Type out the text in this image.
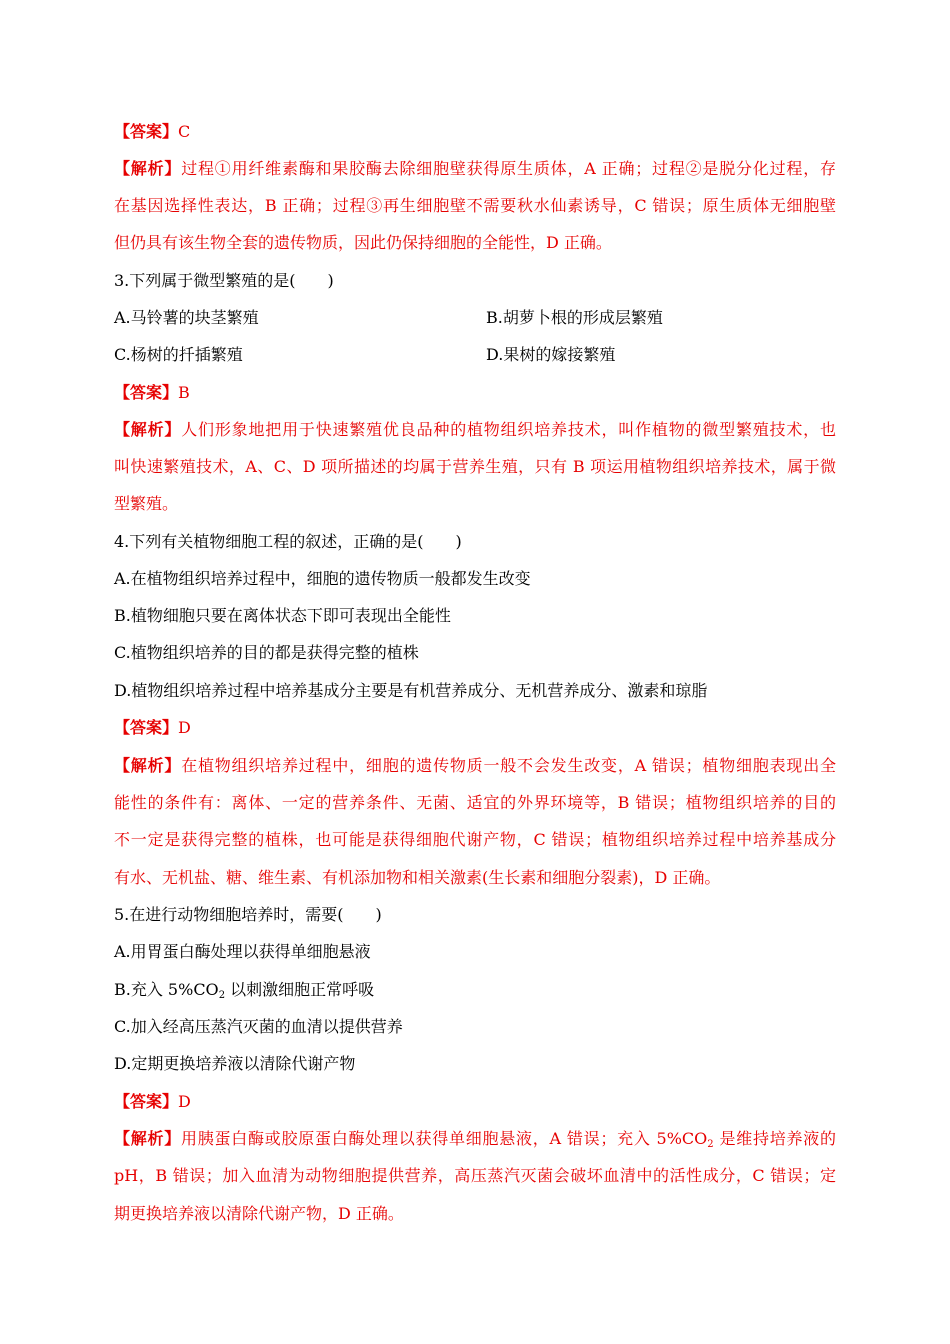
【答案】C
【解析】过程①用纤维素酶和果胶酶去除细胞壁获得原生质体，A 正确；过程②是脱分化过程，存
在基因选择性表达，B 正确；过程③再生细胞壁不需要秋水仙素诱导，C 错误；原生质体无细胞壁
但仍具有该生物全套的遗传物质，因此仍保持细胞的全能性，D 正确。
3.下列属于微型繁殖的是(　　)
A.马铃薯的块茎繁殖	B.胡萝卜根的形成层繁殖
C.杨树的扦插繁殖	D.果树的嫁接繁殖
【答案】B
【解析】人们形象地把用于快速繁殖优良品种的植物组织培养技术，叫作植物的微型繁殖技术，也
叫快速繁殖技术，A、C、D 项所描述的均属于营养生殖，只有 B 项运用植物组织培养技术，属于微
型繁殖。
4.下列有关植物细胞工程的叙述，正确的是(　　)
A.在植物组织培养过程中，细胞的遗传物质一般都发生改变
B.植物细胞只要在离体状态下即可表现出全能性
C.植物组织培养的目的都是获得完整的植株
D.植物组织培养过程中培养基成分主要是有机营养成分、无机营养成分、激素和琼脂
【答案】D
【解析】在植物组织培养过程中，细胞的遗传物质一般不会发生改变，A 错误；植物细胞表现出全
能性的条件有：离体、一定的营养条件、无菌、适宜的外界环境等，B 错误；植物组织培养的目的
不一定是获得完整的植株，也可能是获得细胞代谢产物，C 错误；植物组织培养过程中培养基成分
有水、无机盐、糖、维生素、有机添加物和相关激素(生长素和细胞分裂素)，D 正确。
5.在进行动物细胞培养时，需要(　　)
A.用胃蛋白酶处理以获得单细胞悬液
B.充入 $5\%CO_2$ 以刺激细胞正常呼吸
C.加入经高压蒸汽灭菌的血清以提供营养
D.定期更换培养液以清除代谢产物
【答案】D
【解析】用胰蛋白酶或胶原蛋白酶处理以获得单细胞悬液，A 错误；充入 $5\%CO_2$ 是维持培养液的
pH，B 错误；加入血清为动物细胞提供营养，高压蒸汽灭菌会破坏血清中的活性成分，C 错误；定
期更换培养液以清除代谢产物，D 正确。
